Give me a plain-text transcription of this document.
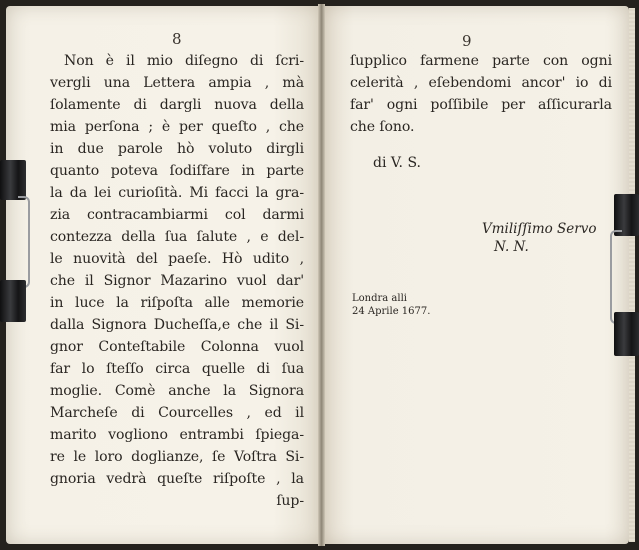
8	9
Non è il mio diſegno di ſcri-
vergli una Lettera ampia , mà
ſolamente di dargli nuova della
mia perſona ; è per queſto , che
in due parole hò voluto dirgli
quanto poteva ſodiſfare in parte
la da lei curioſità. Mi facci la gra-
zia contracambiarmi col darmi
contezza della ſua ſalute , e del-
le nuovità del paeſe. Hò udito ,
che il Signor Mazarino vuol dar'
in luce la riſpoſta alle memorie
dalla Signora Ducheſſa,e che il Si-
gnor Conteſtabile Colonna vuol
far lo ſteſſo circa quelle di ſua
moglie. Comè anche la Signora
Marcheſe di Courcelles , ed il
marito vogliono entrambi ſpiega-
re le loro doglianze, ſe Voſtra Si-
gnoria vedrà queſte riſpoſte , la
ſup-
ſupplico farmene parte con ogni
celerità , eſebendomi ancor' io di
far' ogni poſſibile per aſſicurarla
che ſono.
di V. S.
Vmiliſſimo Servo
N. N.
Londra alli
24 Aprile 1677.
